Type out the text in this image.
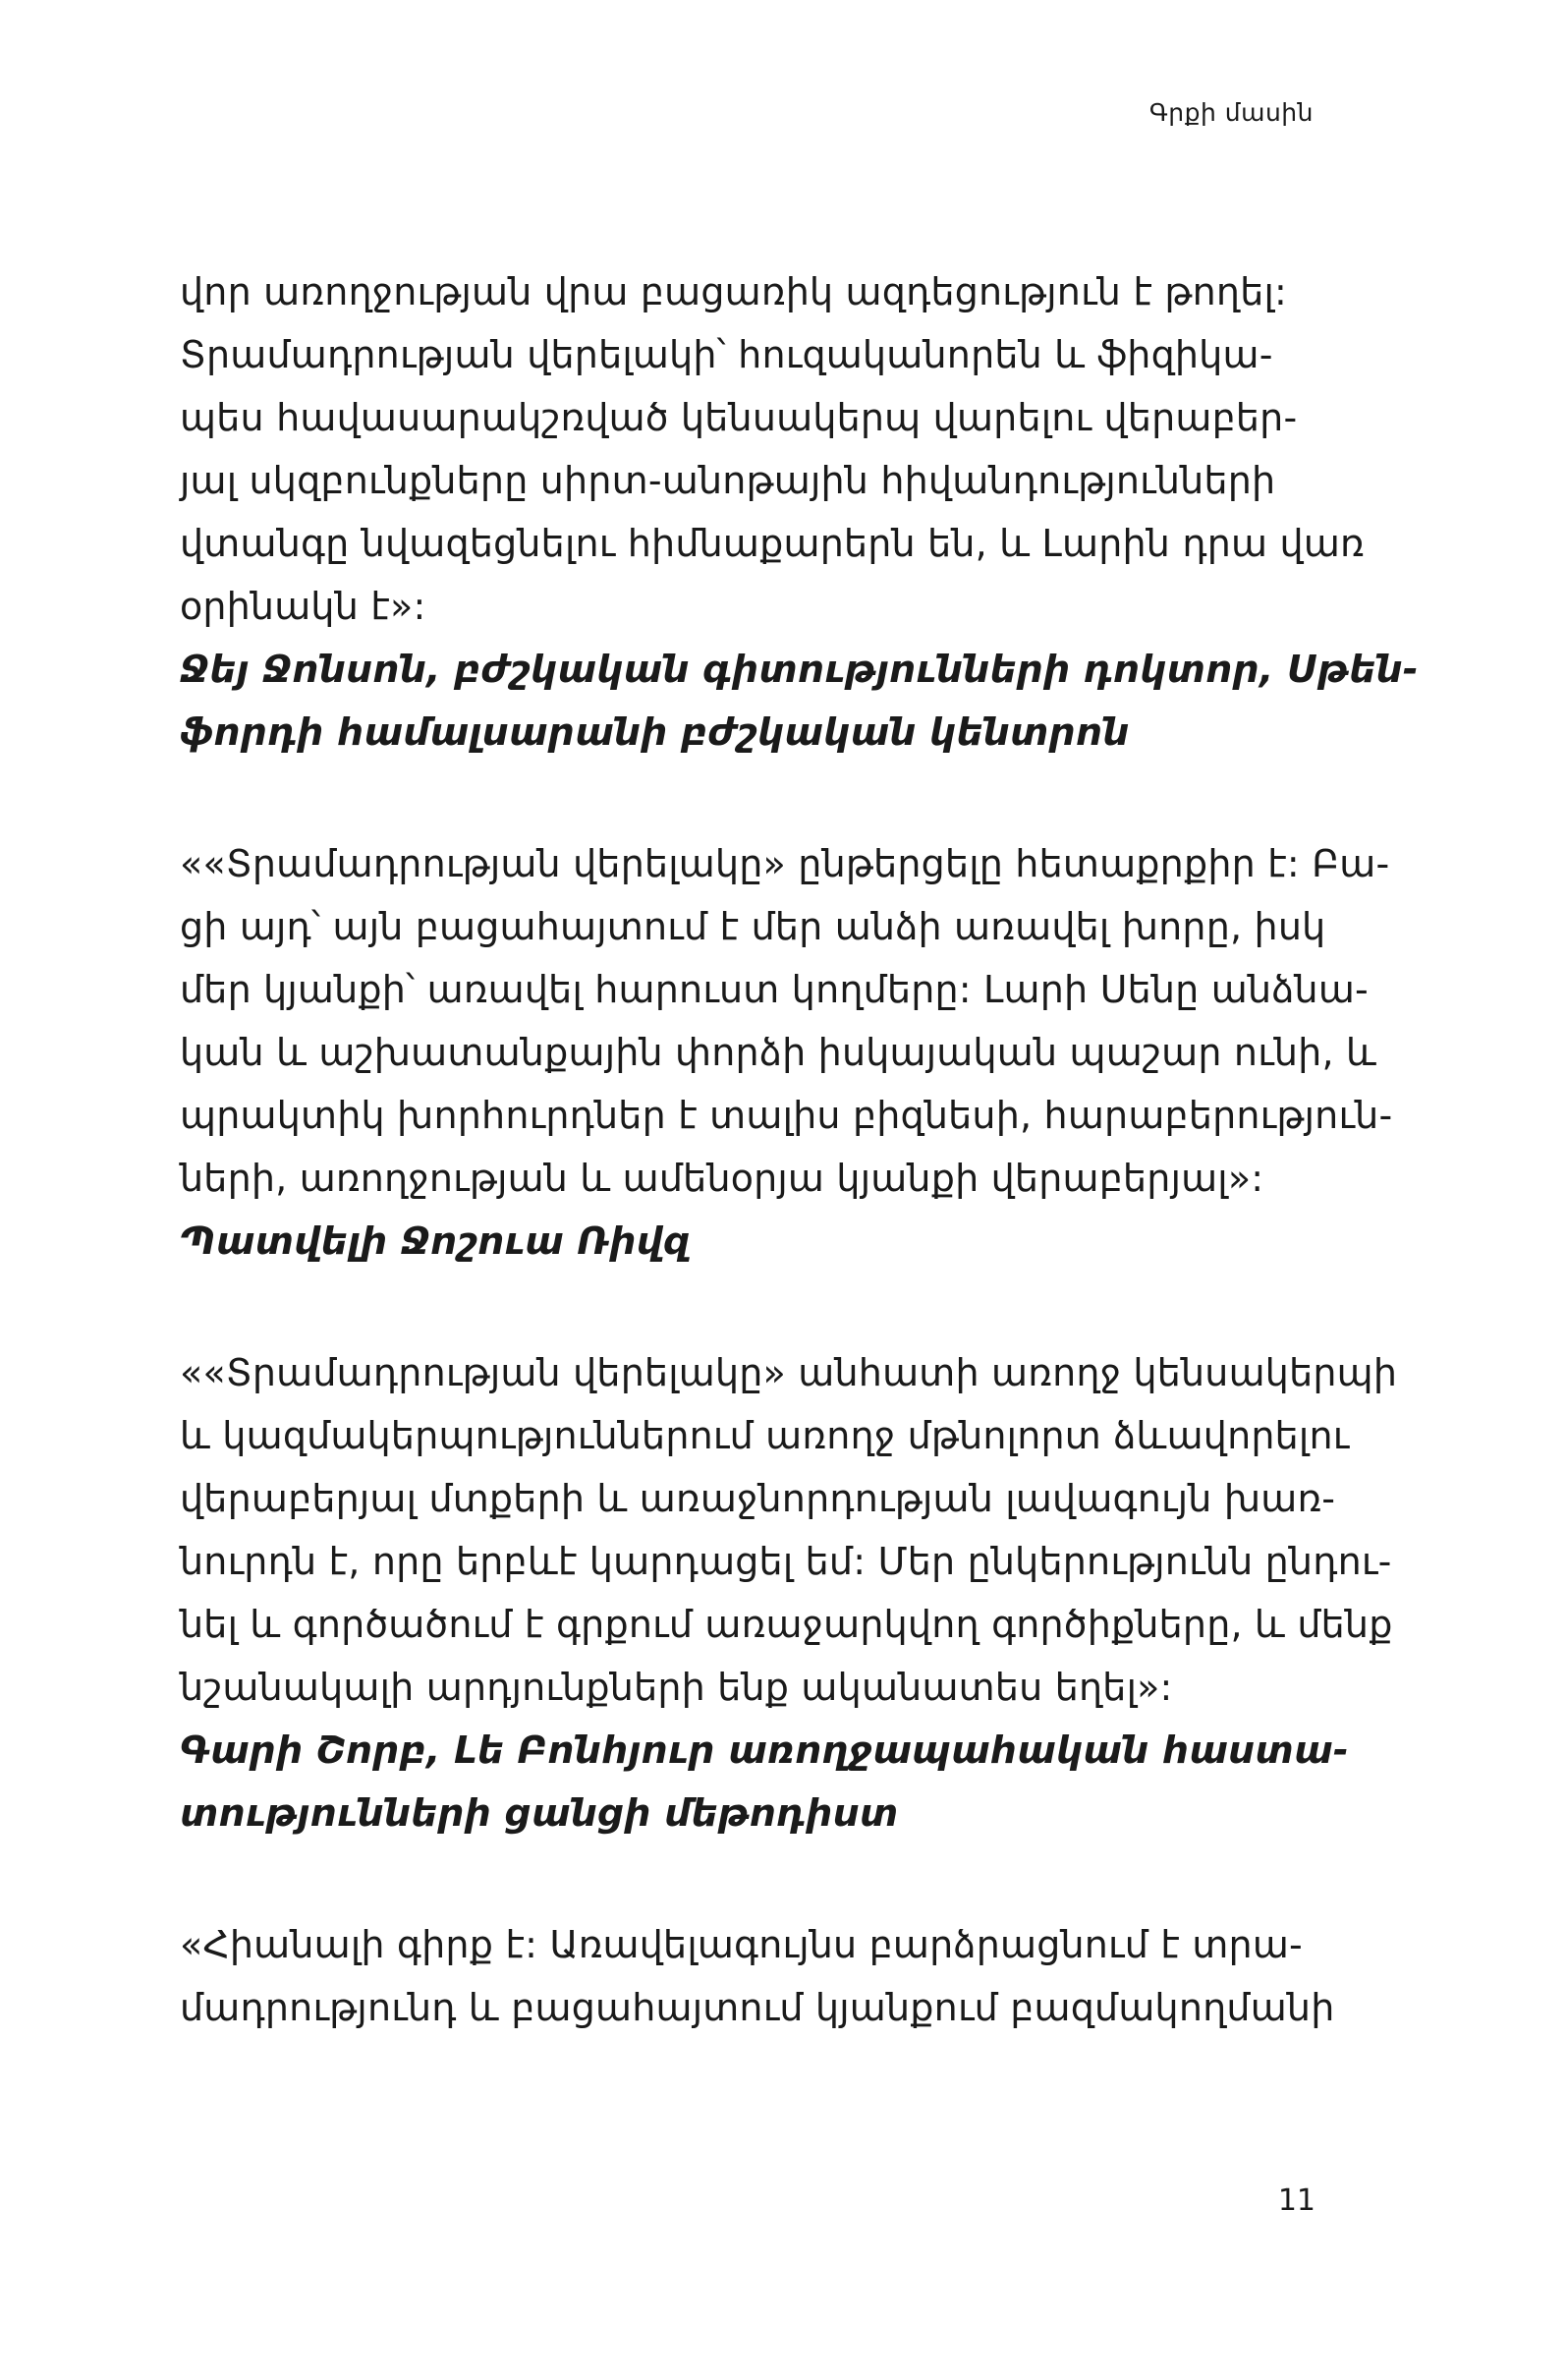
Գրքի մասին
վոր առողջության վրա բացառիկ ազդեցություն է թողել:
Տրամադրության վերելակի՝ հուզականորեն և ֆիզիկա-
պես հավասարակշռված կենսակերպ վարելու վերաբեր-
յալ սկզբունքները սիրտ-անոթային հիվանդությունների
վտանգը նվազեցնելու հիմնաքարերն են, և Լարին դրա վառ
օրինակն է»:
Ջեյ Ջոնսոն, բժշկական գիտությունների դոկտոր, Սթեն-
ֆորդի համալսարանի բժշկական կենտրոն
««Տրամադրության վերելակը» ընթերցելը հետաքրքիր է: Բա-
ցի այդ՝ այն բացահայտում է մեր անձի առավել խորը, իսկ
մեր կյանքի՝ առավել հարուստ կողմերը: Լարի Սենը անձնա-
կան և աշխատանքային փորձի իսկայական պաշար ունի, և
պրակտիկ խորհուրդներ է տալիս բիզնեսի, հարաբերություն-
ների, առողջության և ամենօրյա կյանքի վերաբերյալ»:
Պատվելի Ջոշուա Ռիվզ
««Տրամադրության վերելակը» անհատի առողջ կենսակերպի
և կազմակերպություններում առողջ մթնոլորտ ձևավորելու
վերաբերյալ մտքերի և առաջնորդության լավագույն խառ-
նուրդն է, որը երբևէ կարդացել եմ: Մեր ընկերությունն ընդու-
նել և գործածում է գրքում առաջարկվող գործիքները, և մենք
նշանակալի արդյունքների ենք ականատես եղել»:
Գարի Շորբ, Լե Բոնհյուր առողջապահական հաստա-
տությունների ցանցի մեթոդիստ
«Հիանալի գիրք է: Առավելագույնս բարձրացնում է տրա-
մադրությունդ և բացահայտում կյանքում բազմակողմանի
11
